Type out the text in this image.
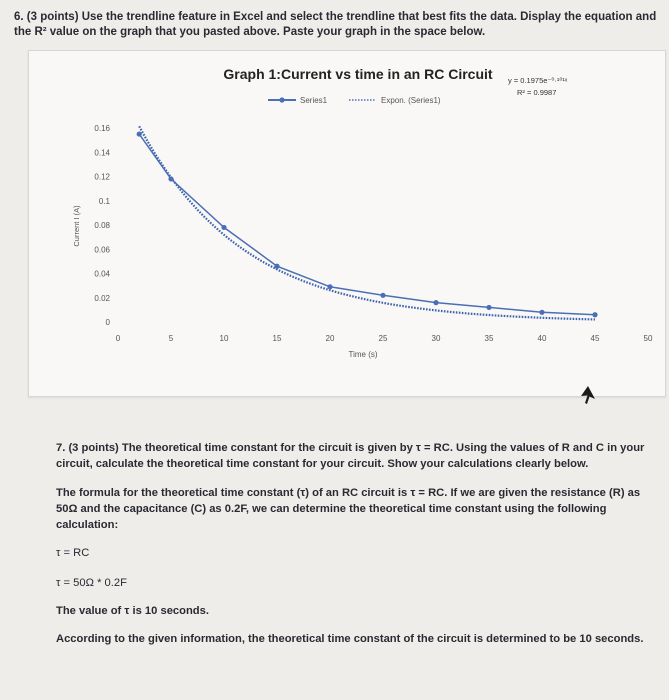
6. (3 points) Use the trendline feature in Excel and select the trendline that best fits the data. Display the equation and the R² value on the graph that you pasted above. Paste your graph in the space below.
Graph 1:Current vs time in an RC Circuit y = 0.1975e⁻⁰·¹⁰¹ˣ
R² = 0.9987
Series1	Expon. (Series1)
0
0.02
0.04
0.06
0.08
0.1
0.12
0.14
0.16
0	5	10	15	20	25	30	35	40	45	50
Time (s)
Current I (A)

7. (3 points) The theoretical time constant for the circuit is given by τ = RC. Using the values of R and C in your circuit, calculate the theoretical time constant for your circuit. Show your calculations clearly below.

The formula for the theoretical time constant (τ) of an RC circuit is τ = RC. If we are given the resistance (R) as 50Ω and the capacitance (C) as 0.2F, we can determine the theoretical time constant using the following calculation:

τ = RC

τ = 50Ω * 0.2F

The value of τ is 10 seconds.

According to the given information, the theoretical time constant of the circuit is determined to be 10 seconds.
